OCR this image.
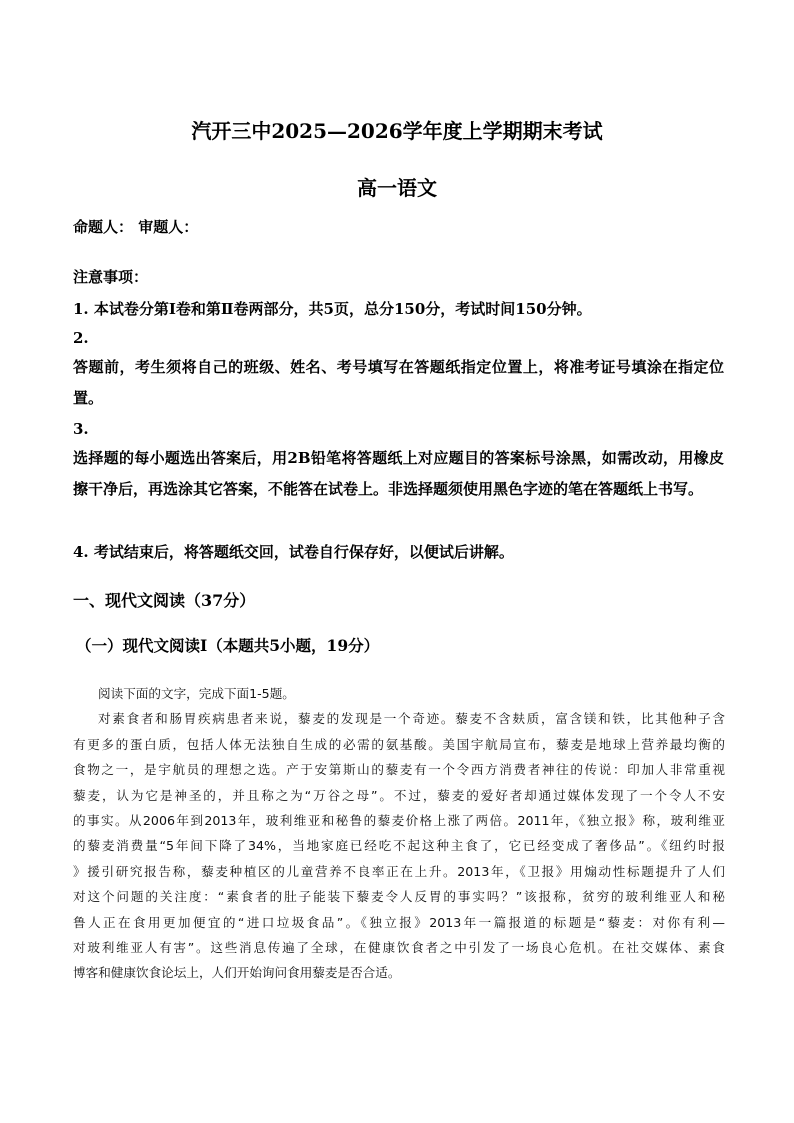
汽开三中2025—2026学年度上学期期末考试
高一语文
命题人： 审题人：
注意事项：
1. 本试卷分第Ⅰ卷和第Ⅱ卷两部分，共5页，总分150分，考试时间150分钟。
2.
答题前，考生须将自己的班级、姓名、考号填写在答题纸指定位置上，将准考证号填涂在指定位置。
3.
选择题的每小题选出答案后，用2B铅笔将答题纸上对应题目的答案标号涂黑，如需改动，用橡皮擦干净后，再选涂其它答案，不能答在试卷上。非选择题须使用黑色字迹的笔在答题纸上书写。
4. 考试结束后，将答题纸交回，试卷自行保存好，以便试后讲解。
一、现代文阅读（37分）
（一）现代文阅读Ⅰ（本题共5小题，19分）
阅读下面的文字，完成下面1-5题。
对素食者和肠胃疾病患者来说，藜麦的发现是一个奇迹。藜麦不含麸质，富含镁和铁，比其他种子含
有更多的蛋白质，包括人体无法独自生成的必需的氨基酸。美国宇航局宣布，藜麦是地球上营养最均衡的
食物之一，是宇航员的理想之选。产于安第斯山的藜麦有一个令西方消费者神往的传说：印加人非常重视
藜麦，认为它是神圣的，并且称之为“万谷之母”。不过，藜麦的爱好者却通过媒体发现了一个令人不安
的事实。从2006年到2013年，玻利维亚和秘鲁的藜麦价格上涨了两倍。2011年，《独立报》称，玻利维亚
的藜麦消费量“5年间下降了34%，当地家庭已经吃不起这种主食了，它已经变成了奢侈品”。《纽约时报
》援引研究报告称，藜麦种植区的儿童营养不良率正在上升。2013年，《卫报》用煽动性标题提升了人们
对这个问题的关注度：“素食者的肚子能装下藜麦令人反胃的事实吗？”该报称，贫穷的玻利维亚人和秘
鲁人正在食用更加便宜的“进口垃圾食品”。《独立报》2013年一篇报道的标题是“藜麦：对你有利—
对玻利维亚人有害”。这些消息传遍了全球，在健康饮食者之中引发了一场良心危机。在社交媒体、素食
博客和健康饮食论坛上，人们开始询问食用藜麦是否合适。
